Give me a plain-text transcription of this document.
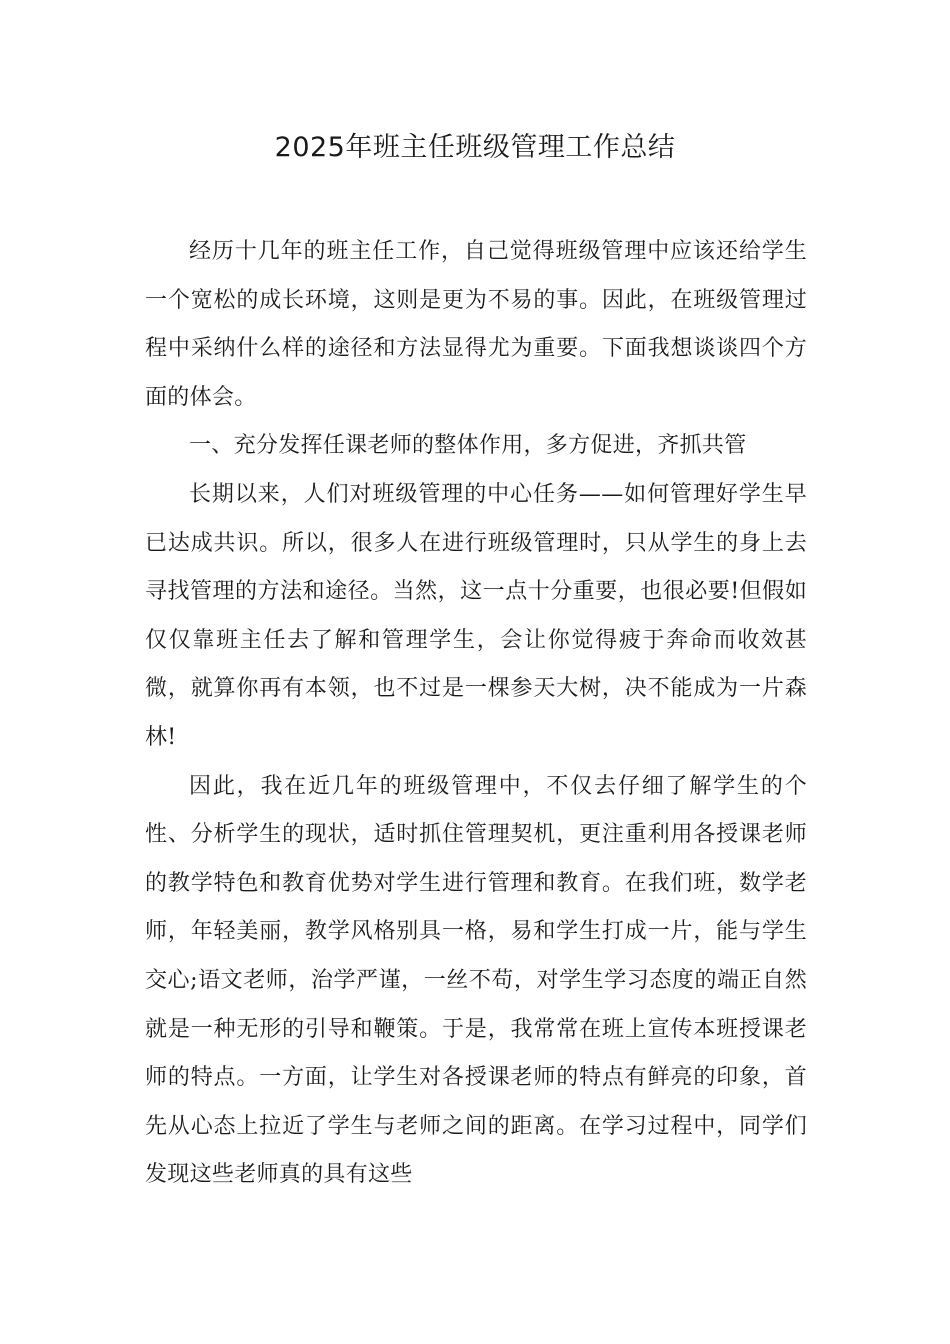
2025年班主任班级管理工作总结

经历十几年的班主任工作，自己觉得班级管理中应该还给学生一个宽松的成长环境，这则是更为不易的事。因此，在班级管理过程中采纳什么样的途径和方法显得尤为重要。下面我想谈谈四个方面的体会。

一、充分发挥任课老师的整体作用，多方促进，齐抓共管

长期以来，人们对班级管理的中心任务——如何管理好学生早已达成共识。所以，很多人在进行班级管理时，只从学生的身上去寻找管理的方法和途径。当然，这一点十分重要，也很必要!但假如仅仅靠班主任去了解和管理学生，会让你觉得疲于奔命而收效甚微，就算你再有本领，也不过是一棵参天大树，决不能成为一片森林!

因此，我在近几年的班级管理中，不仅去仔细了解学生的个性、分析学生的现状，适时抓住管理契机，更注重利用各授课老师的教学特色和教育优势对学生进行管理和教育。在我们班，数学老师，年轻美丽，教学风格别具一格，易和学生打成一片，能与学生交心;语文老师，治学严谨，一丝不苟，对学生学习态度的端正自然就是一种无形的引导和鞭策。于是，我常常在班上宣传本班授课老师的特点。一方面，让学生对各授课老师的特点有鲜亮的印象，首先从心态上拉近了学生与老师之间的距离。在学习过程中，同学们发现这些老师真的具有这些
